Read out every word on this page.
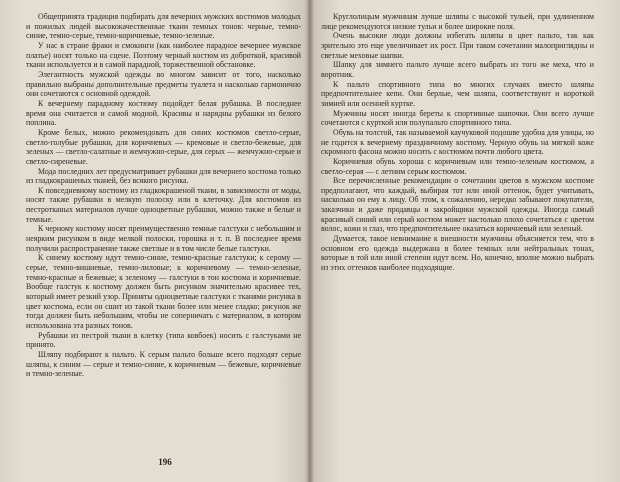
Общепринята традиция подбирать для вечерних мужских костюмов молодых и пожилых людей высококачественные ткани темных тонов: черные, темно-синие, темно-серые, темно-коричневые, темно-зеленые.

У нас в стране фраки и смокинги (как наиболее парадное вечернее мужское платье) носят только на сцене. Поэтому черный костюм из доброткой, красивой ткани используется и в самой парадной, торжественной обстановке.

Элегантность мужской одежды во многом зависит от того, насколько правильно выбраны дополнительные предметы туалета и насколько гармонично они сочетаются с основной одеждой.

К вечернему парадному костюму подойдет белая рубашка. В последнее время она считается и самой модной. Красивы и нарядны рубашки из белого поплина.

Кроме белых, можно рекомендовать для синих костюмов светло-серые, светло-голубые рубашки, для коричневых — кремовые и светло-бежевые, для зеленых — светло-салатные и жемчужно-серые, для серых — жемчужно-серые и светло-сиреневые.

Мода последних лет предусматривает рубашки для вечернего костюма только из гладкокрашеных тканей, без всякого рисунка.

К повседневному костюму из гладкокрашеной ткани, в зависимости от моды, носят также рубашки в мелкую полоску или в клеточку. Для костюмов из пестротканых материалов лучше одноцветные рубашки, можно также и белые и темные.

К черному костюму носят преимущественно темные галстуки с небольшим и неярким рисунком в виде мелкой полоски, горошка и т. п. В последнее время получили распространение также светлые и в том числе белые галстуки.

К синему костюму идут темно-синие, темно-красные галстуки; к серому — серые, темно-вишневые, темно-лиловые; к коричневому — темно-зеленые, темно-красные и бежевые; к зеленому — галстуки в тон костюма и коричневые. Вообще галстук к костюму должен быть рисунком значительно красивее тех, который имеет резкий узор. Приняты одноцветные галстуки с тканями рисунка в цвет костюма, если он сшит из такой ткани более или менее гладко; рисунок же тогда должен быть небольшим, чтобы не соперничать с материалом, в котором использована эта разных тонов.

Рубашки из пестрой ткани в клетку (типа ковбоек) носить с галстуками не принято.

Шляпу подбирают к пальто. К серым пальто больше всего подходят серые шляпы, к синим — серые и темно-синие, к коричневым — бежевые, коричневые и темно-зеленые.

196

Круглолицым мужчинам лучше шляпы с высокой тульей, при удлиненном лице рекомендуются низкие тульи и более широкие поля.

Очень высокие люди должны избегать шляпы в цвет пальто, так как зрительно это еще увеличивает их рост. При таком сочетании малоприглядны и светлые меховые шапки.

Шапку для зимнего пальто лучше всего выбрать из того же меха, что и воротник.

К пальто спортивного типа во многих случаях вместо шляпы предпочтительнее кепи. Они берлые, чем шляпа, соответствуют и короткой зимней или осенней куртке.

Мужчины носят иногда береты к спортивные шапочки. Они всего лучше сочетаются с курткой или полупальто спортивного типа.

Обувь на толстой, так называемой каучуковой подошве удобна для улицы, но не годится к вечернему праздничному костюму. Черную обувь на мягкой коже скромного фасона можно носить с костюмом почти любого цвета.

Коричневая обувь хороша с коричневым или темно-зеленым костюмом, а светло-серая — с летним серым костюмом.

Все перечисленные рекомендации о сочетании цветов в мужском костюме предполагают, что каждый, выбирая тот или иной оттенок, будет учитывать, насколько он ему к лицу. Об этом, к сожалению, нередко забывают покупатели, заказчики и даже продавцы и закройщики мужской одежды. Иногда самый красивый синий или серый костюм может настолько плохо сочетаться с цветом волос, кожи и глаз, что предпочтительнее оказаться коричневый или зеленый.

Думается, такое невнимание к внешности мужчины объясняется тем, что в основном его одежда выдержана в более темных или нейтральных тонах, которые в той или иной степени идут всем. Но, конечно, вполне можно выбрать из этих оттенков наиболее подходящие.
